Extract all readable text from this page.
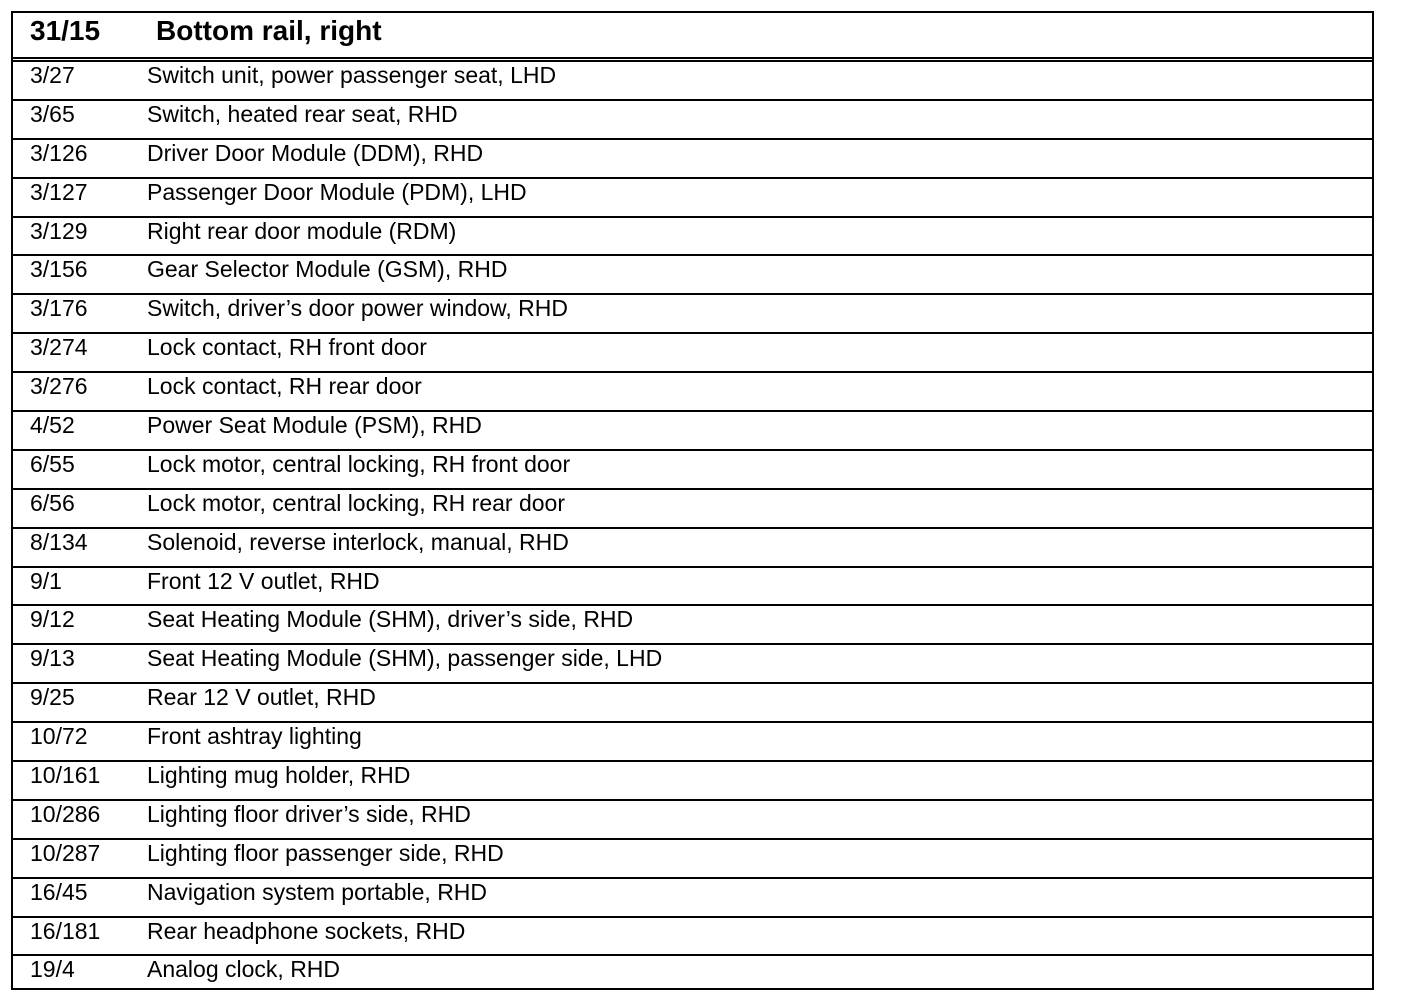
31/15 Bottom rail, right
3/27	Switch unit, power passenger seat, LHD
3/65	Switch, heated rear seat, RHD
3/126	Driver Door Module (DDM), RHD
3/127	Passenger Door Module (PDM), LHD
3/129	Right rear door module (RDM)
3/156	Gear Selector Module (GSM), RHD
3/176	Switch, driver’s door power window, RHD
3/274	Lock contact, RH front door
3/276	Lock contact, RH rear door
4/52	Power Seat Module (PSM), RHD
6/55	Lock motor, central locking, RH front door
6/56	Lock motor, central locking, RH rear door
8/134	Solenoid, reverse interlock, manual, RHD
9/1	Front 12 V outlet, RHD
9/12	Seat Heating Module (SHM), driver’s side, RHD
9/13	Seat Heating Module (SHM), passenger side, LHD
9/25	Rear 12 V outlet, RHD
10/72	Front ashtray lighting
10/161 Lighting mug holder, RHD
10/286 Lighting floor driver’s side, RHD
10/287 Lighting floor passenger side, RHD
16/45	Navigation system portable, RHD
16/181 Rear headphone sockets, RHD
19/4	Analog clock, RHD
